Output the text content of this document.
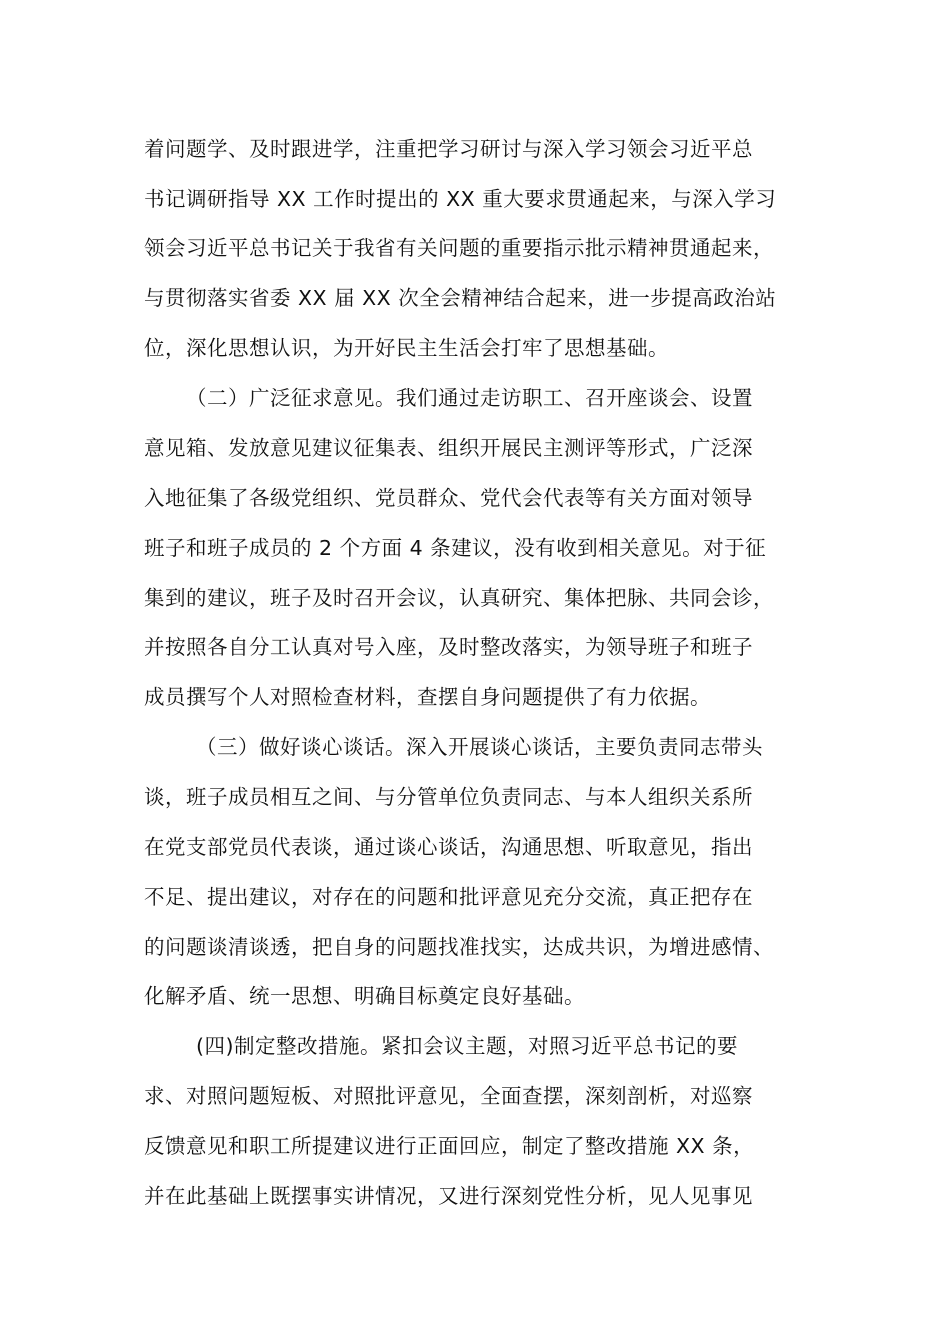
着问题学、及时跟进学，注重把学习研讨与深入学习领会习近平总
书记调研指导 XX 工作时提出的 XX 重大要求贯通起来，与深入学习
领会习近平总书记关于我省有关问题的重要指示批示精神贯通起来，
与贯彻落实省委 XX 届 XX 次全会精神结合起来，进一步提高政治站
位，深化思想认识，为开好民主生活会打牢了思想基础。
（二）广泛征求意见。我们通过走访职工、召开座谈会、设置
意见箱、发放意见建议征集表、组织开展民主测评等形式，广泛深
入地征集了各级党组织、党员群众、党代会代表等有关方面对领导
班子和班子成员的 2 个方面 4 条建议，没有收到相关意见。对于征
集到的建议，班子及时召开会议，认真研究、集体把脉、共同会诊，
并按照各自分工认真对号入座，及时整改落实，为领导班子和班子
成员撰写个人对照检查材料，查摆自身问题提供了有力依据。
（三）做好谈心谈话。深入开展谈心谈话，主要负责同志带头
谈，班子成员相互之间、与分管单位负责同志、与本人组织关系所
在党支部党员代表谈，通过谈心谈话，沟通思想、听取意见，指出
不足、提出建议，对存在的问题和批评意见充分交流，真正把存在
的问题谈清谈透，把自身的问题找准找实，达成共识，为增进感情、
化解矛盾、统一思想、明确目标奠定良好基础。
(四)制定整改措施。紧扣会议主题，对照习近平总书记的要
求、对照问题短板、对照批评意见，全面查摆，深刻剖析，对巡察
反馈意见和职工所提建议进行正面回应，制定了整改措施 XX 条，
并在此基础上既摆事实讲情况，又进行深刻党性分析，见人见事见
